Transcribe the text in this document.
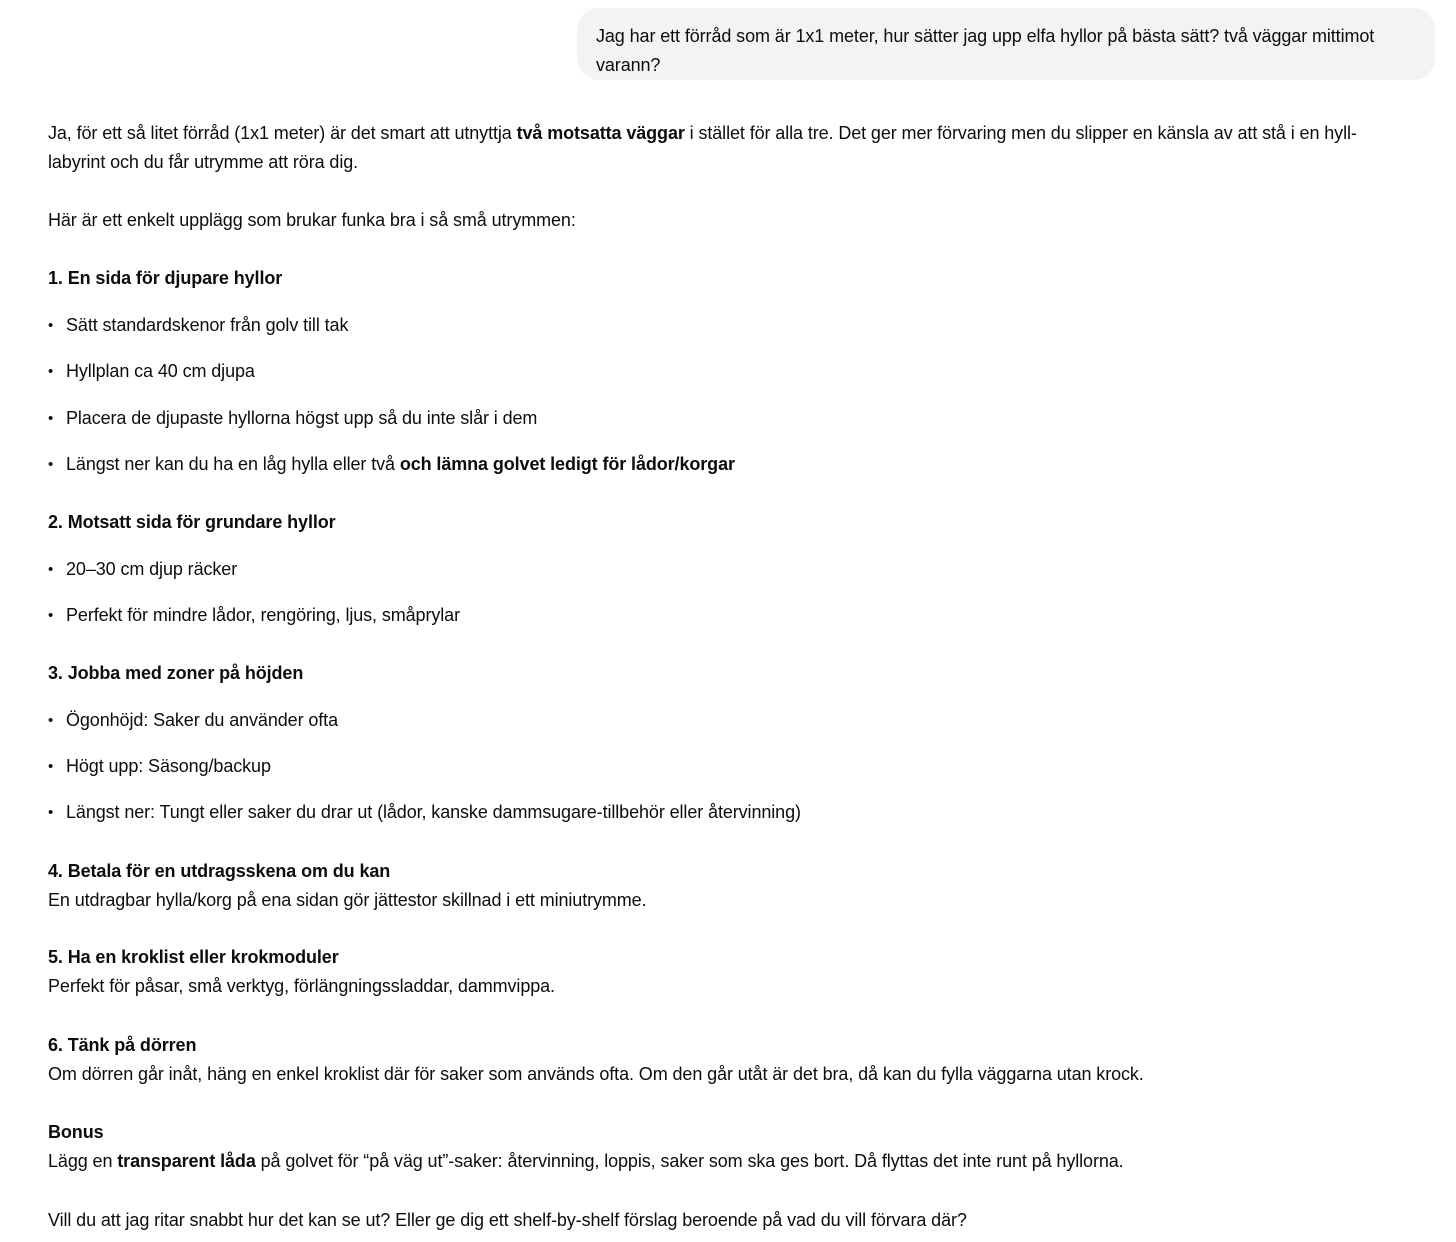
Jag har ett förråd som är 1x1 meter, hur sätter jag upp elfa hyllor på bästa sätt? två väggar mittimot varann?
Ja, för ett så litet förråd (1x1 meter) är det smart att utnyttja två motsatta väggar i stället för alla tre. Det ger mer förvaring men du slipper en känsla av att stå i en hyll-
labyrint och du får utrymme att röra dig.
Här är ett enkelt upplägg som brukar funka bra i så små utrymmen:
1. En sida för djupare hyllor
• Sätt standardskenor från golv till tak
• Hyllplan ca 40 cm djupa
• Placera de djupaste hyllorna högst upp så du inte slår i dem
• Längst ner kan du ha en låg hylla eller två och lämna golvet ledigt för lådor/korgar
2. Motsatt sida för grundare hyllor
• 20–30 cm djup räcker
• Perfekt för mindre lådor, rengöring, ljus, småprylar
3. Jobba med zoner på höjden
• Ögonhöjd: Saker du använder ofta
• Högt upp: Säsong/backup
• Längst ner: Tungt eller saker du drar ut (lådor, kanske dammsugare-tillbehör eller återvinning)
4. Betala för en utdragsskena om du kan
En utdragbar hylla/korg på ena sidan gör jättestor skillnad i ett miniutrymme.
5. Ha en kroklist eller krokmoduler
Perfekt för påsar, små verktyg, förlängningssladdar, dammvippa.
6. Tänk på dörren
Om dörren går inåt, häng en enkel kroklist där för saker som används ofta. Om den går utåt är det bra, då kan du fylla väggarna utan krock.
Bonus
Lägg en transparent låda på golvet för “på väg ut”-saker: återvinning, loppis, saker som ska ges bort. Då flyttas det inte runt på hyllorna.
Vill du att jag ritar snabbt hur det kan se ut? Eller ge dig ett shelf-by-shelf förslag beroende på vad du vill förvara där?
